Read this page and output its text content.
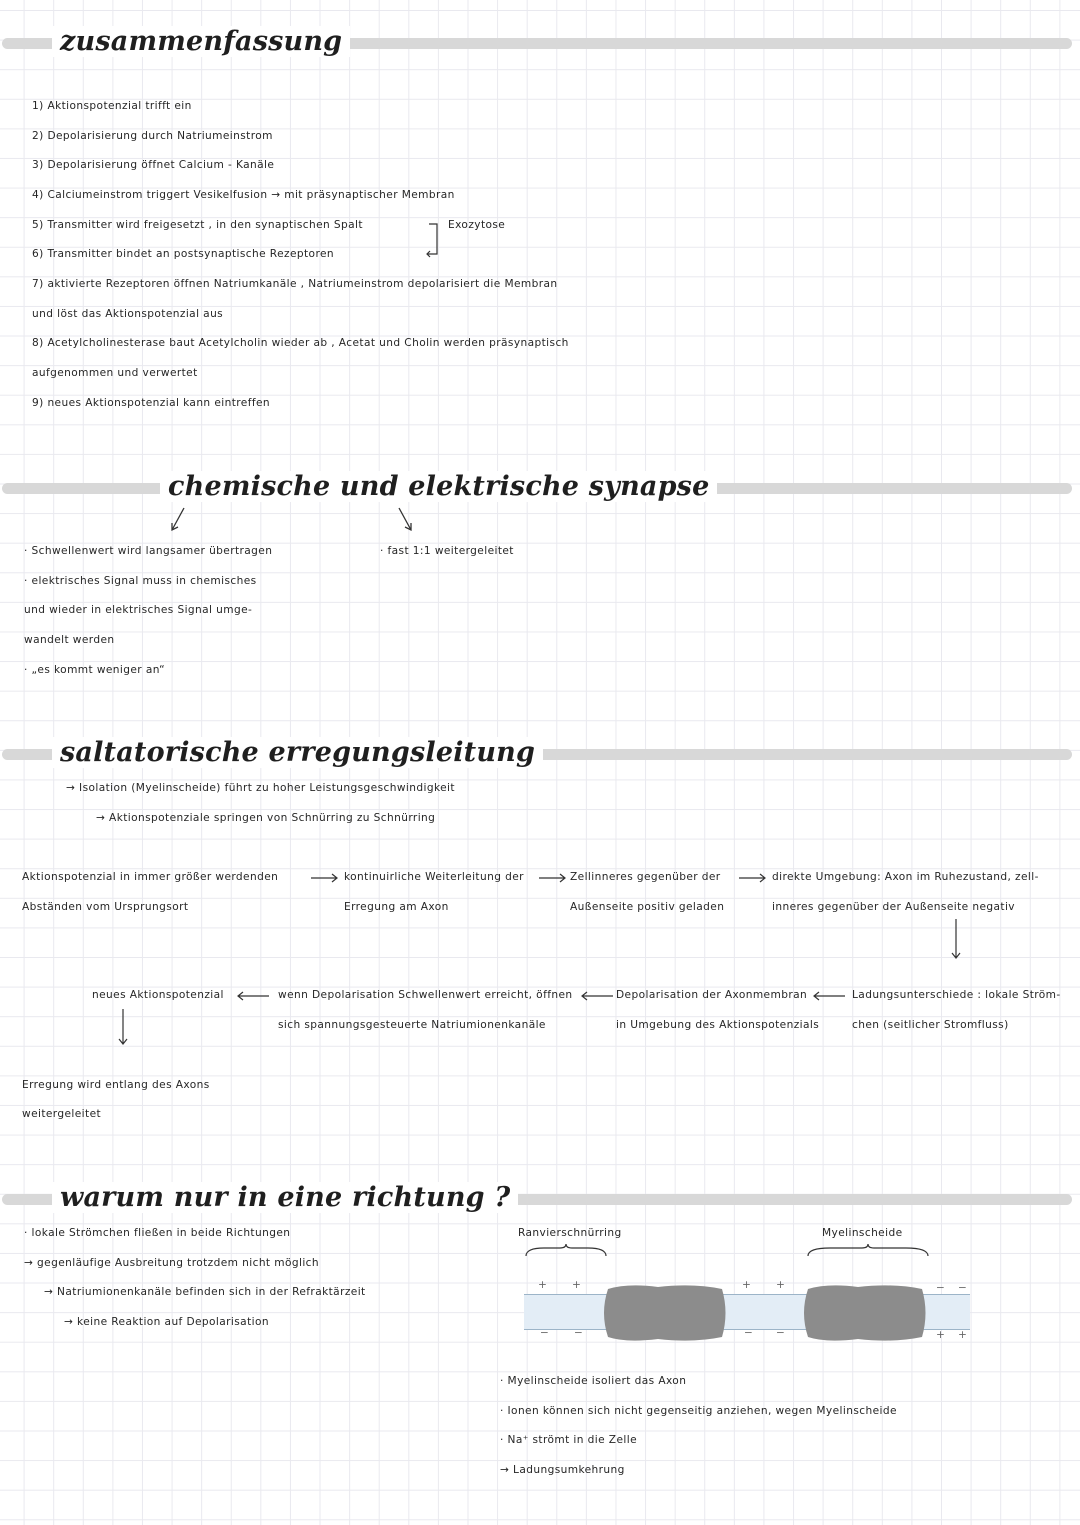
zusammenfassung
1) Aktionspotenzial trifft ein
2) Depolarisierung durch Natriumeinstrom
3) Depolarisierung öffnet Calcium - Kanäle
4) Calciumeinstrom triggert Vesikelfusion → mit präsynaptischer Membran
5) Transmitter wird freigesetzt , in den synaptischen Spalt
6) Transmitter bindet an postsynaptische Rezeptoren
7) aktivierte Rezeptoren öffnen Natriumkanäle , Natriumeinstrom depolarisiert die Membran
und löst das Aktionspotenzial aus
8) Acetylcholinesterase baut Acetylcholin wieder ab , Acetat und Cholin werden präsynaptisch
aufgenommen und verwertet
9) neues Aktionspotenzial kann eintreffen
Exozytose
chemische und elektrische synapse
· Schwellenwert wird langsamer übertragen
· elektrisches Signal muss in chemisches
und wieder in elektrisches Signal umge-
wandelt werden
· „es kommt weniger an“
· fast 1:1 weitergeleitet
saltatorische erregungsleitung
→ Isolation (Myelinscheide) führt zu hoher Leistungsgeschwindigkeit
→ Aktionspotenziale springen von Schnürring zu Schnürring
Aktionspotenzial in immer größer werdenden
Abständen vom Ursprungsort
kontinuirliche Weiterleitung der
Erregung am Axon
Zellinneres gegenüber der
Außenseite positiv geladen
direkte Umgebung: Axon im Ruhezustand, zell-
inneres gegenüber der Außenseite negativ
Ladungsunterschiede : lokale Ström-
chen (seitlicher Stromfluss)
Depolarisation der Axonmembran
in Umgebung des Aktionspotenzials
wenn Depolarisation Schwellenwert erreicht, öffnen
sich spannungsgesteuerte Natriumionenkanäle
neues Aktionspotenzial
Erregung wird entlang des Axons
weitergeleitet
warum nur in eine richtung ?
· lokale Strömchen fließen in beide Richtungen
→ gegenläufige Ausbreitung trotzdem nicht möglich
→ Natriumionenkanäle befinden sich in der Refraktärzeit
→ keine Reaktion auf Depolarisation
Ranvierschnürring	Myelinscheide
+ +
− −
+ +
− −
− −
+ +
· Myelinscheide isoliert das Axon
· Ionen können sich nicht gegenseitig anziehen, wegen Myelinscheide
· Na⁺ strömt in die Zelle
→ Ladungsumkehrung
